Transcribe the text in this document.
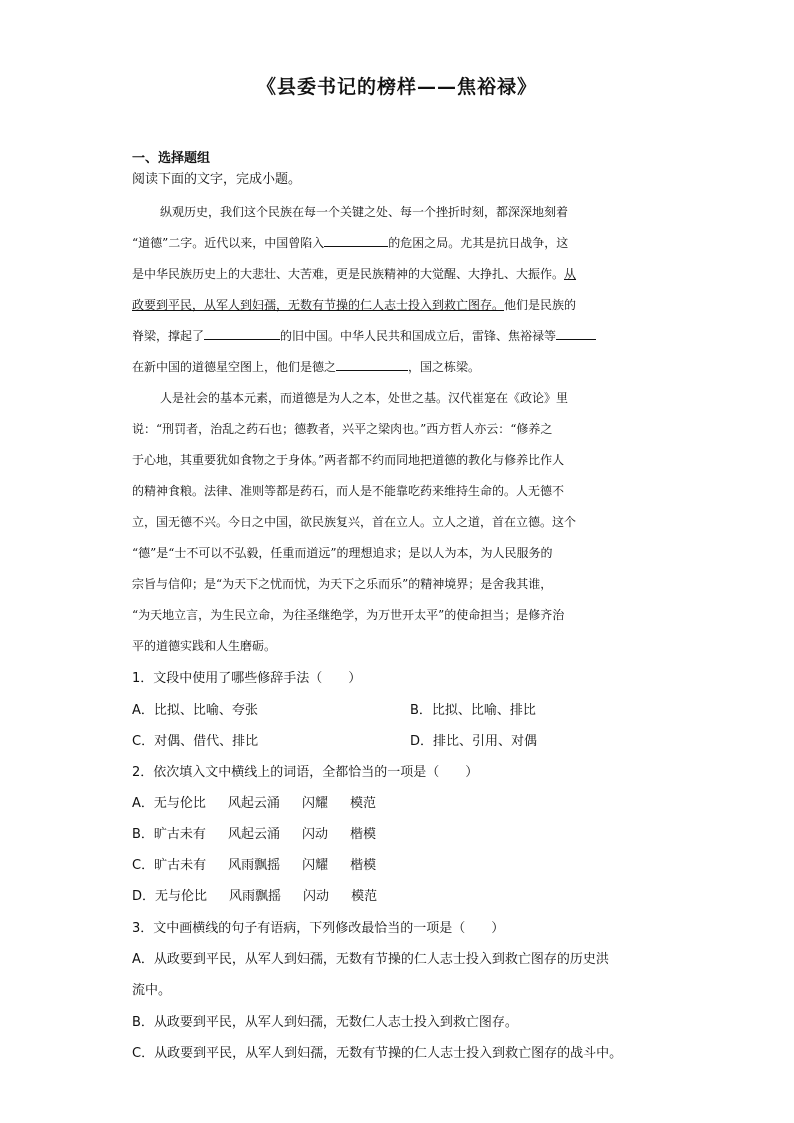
《县委书记的榜样——焦裕禄》
一、选择题组
阅读下面的文字，完成小题。
纵观历史，我们这个民族在每一个关键之处、每一个挫折时刻，都深深地刻着
“道德”二字。近代以来，中国曾陷入	的危困之局。尤其是抗日战争，这
是中华民族历史上的大悲壮、大苦难，更是民族精神的大觉醒、大挣扎、大振作。从
政要到平民，从军人到妇孺，无数有节操的仁人志士投入到救亡图存。他们是民族的
脊梁，撑起了	的旧中国。中华人民共和国成立后，雷锋、焦裕禄等
在新中国的道德星空图上，他们是德之	，国之栋梁。
人是社会的基本元素，而道德是为人之本，处世之基。汉代崔寔在《政论》里
说：“刑罚者，治乱之药石也；德教者，兴平之梁肉也。”西方哲人亦云：“修养之
于心地，其重要犹如食物之于身体。”两者都不约而同地把道德的教化与修养比作人
的精神食粮。法律、准则等都是药石，而人是不能靠吃药来维持生命的。人无德不
立，国无德不兴。今日之中国，欲民族复兴，首在立人。立人之道，首在立德。这个
“德”是“士不可以不弘毅，任重而道远”的理想追求；是以人为本，为人民服务的
宗旨与信仰；是“为天下之忧而忧，为天下之乐而乐”的精神境界；是舍我其谁，
“为天地立言，为生民立命，为往圣继绝学，为万世开太平”的使命担当；是修齐治
平的道德实践和人生磨砺。
1．文段中使用了哪些修辞手法（　　）
A．比拟、比喻、夸张	B．比拟、比喻、排比
C．对偶、借代、排比	D．排比、引用、对偶
2．依次填入文中横线上的词语，全都恰当的一项是（　　）
A．无与伦比 风起云涌 闪耀 模范
B．旷古未有 风起云涌 闪动 楷模
C．旷古未有 风雨飘摇 闪耀 楷模
D．无与伦比 风雨飘摇 闪动 模范
3．文中画横线的句子有语病，下列修改最恰当的一项是（　　）
A．从政要到平民，从军人到妇孺，无数有节操的仁人志士投入到救亡图存的历史洪
流中。
B．从政要到平民，从军人到妇孺，无数仁人志士投入到救亡图存。
C．从政要到平民，从军人到妇孺，无数有节操的仁人志士投入到救亡图存的战斗中。
